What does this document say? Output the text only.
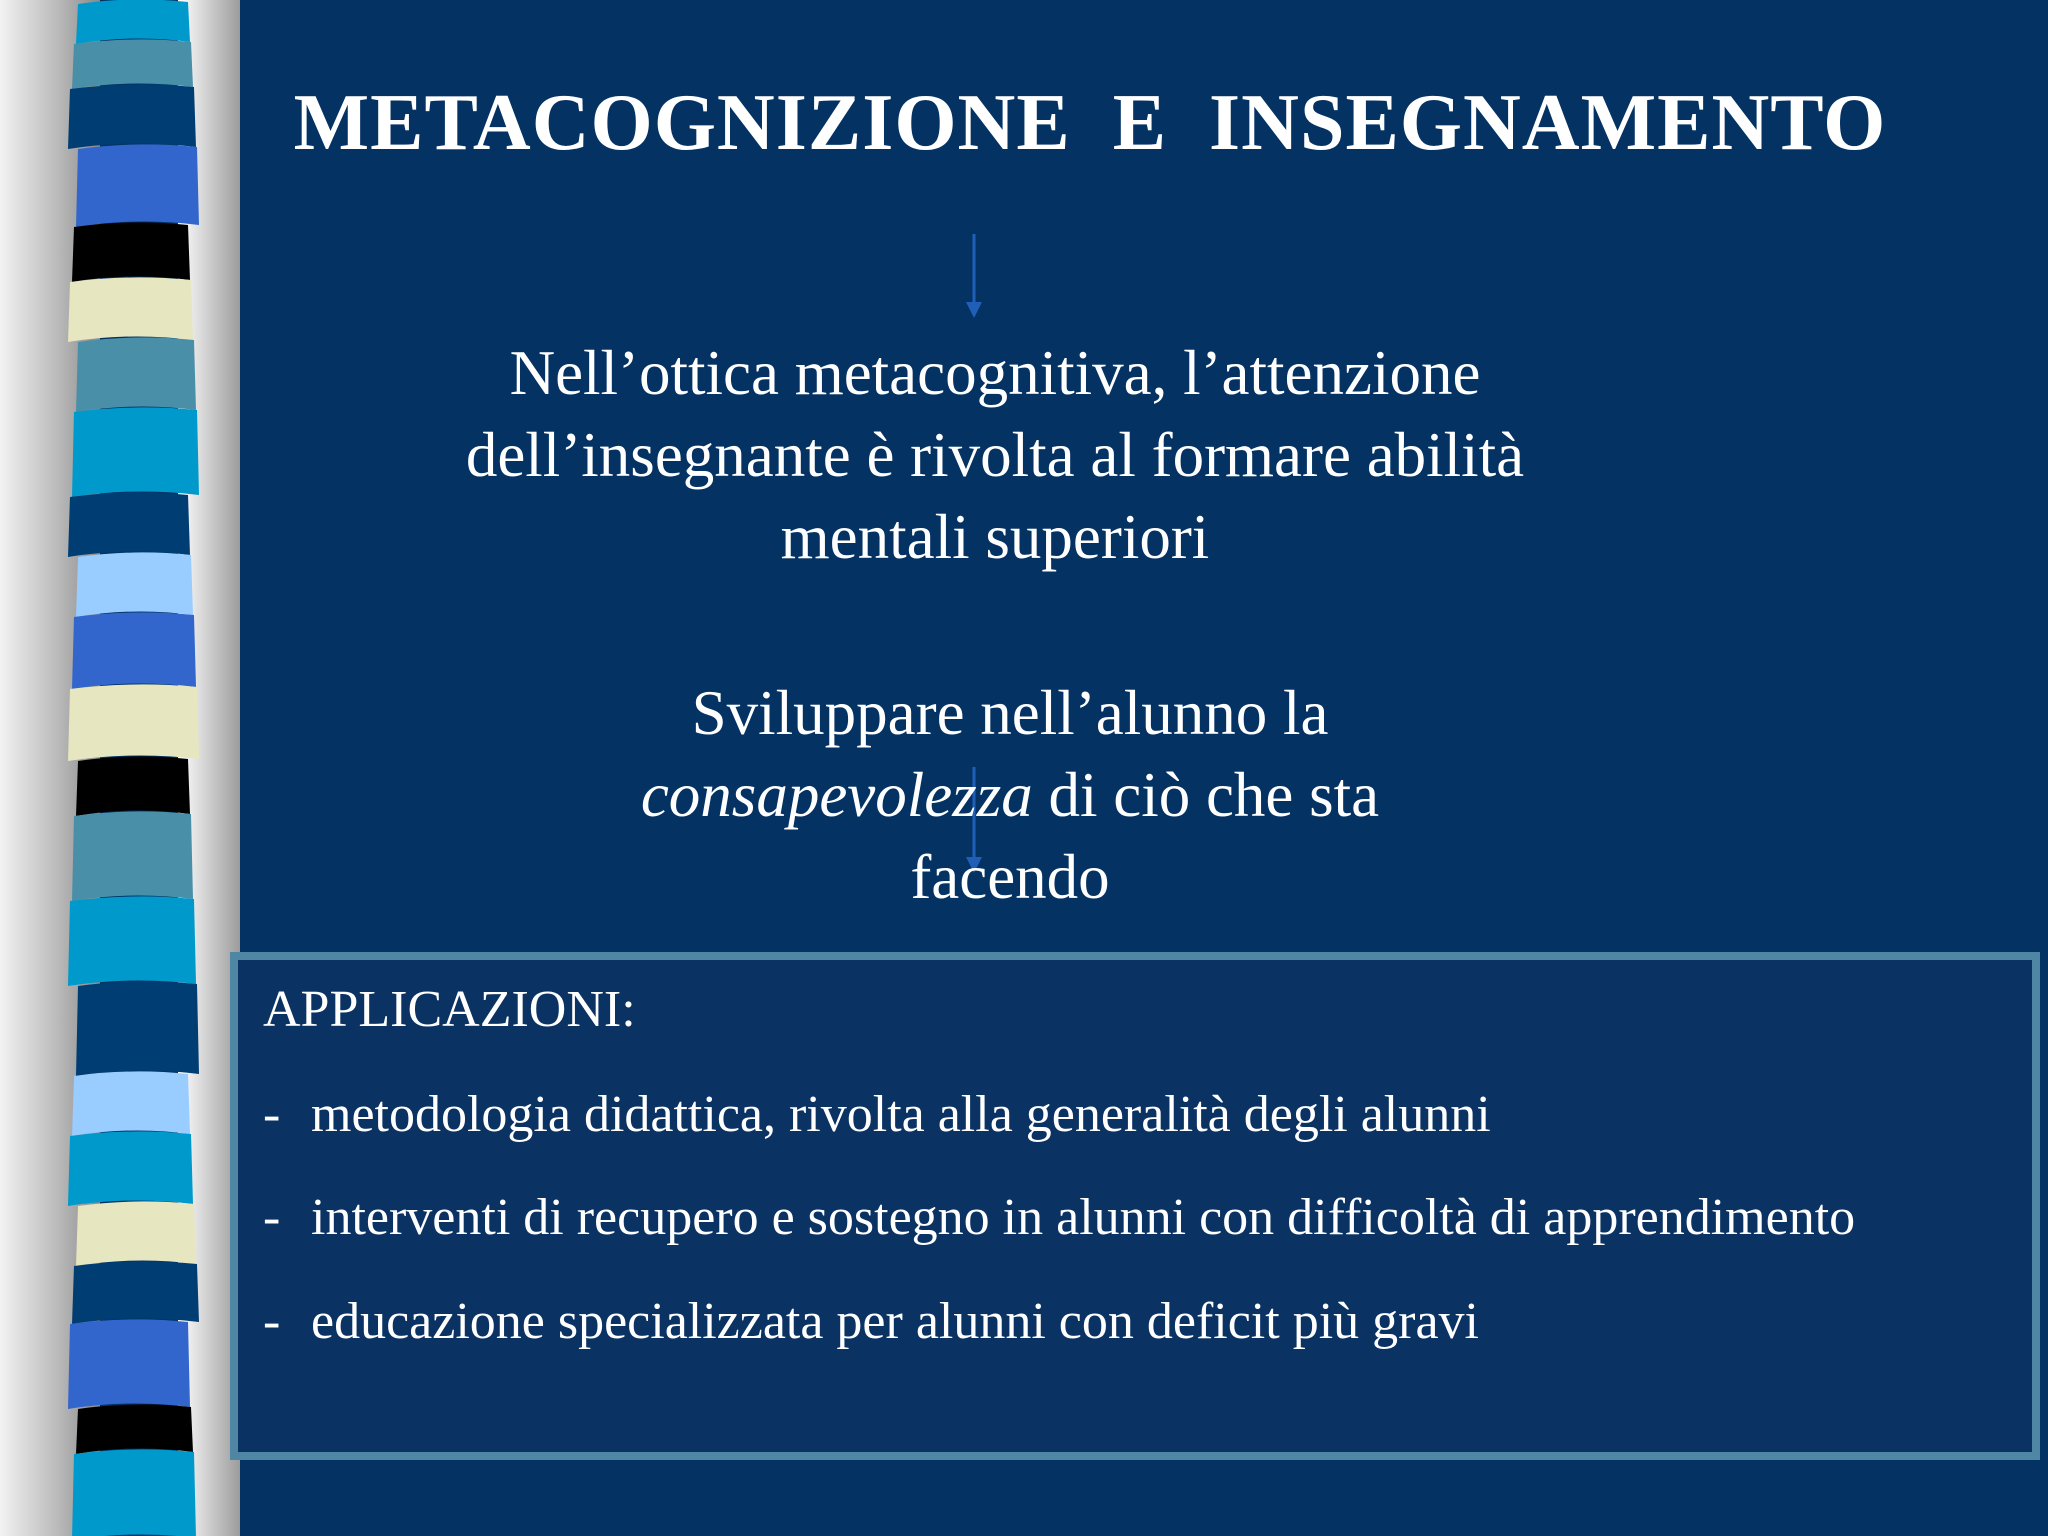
METACOGNIZIONE  E  INSEGNAMENTO
Nell’ottica metacognitiva, l’attenzione
dell’insegnante è rivolta al formare abilità
mentali superiori
Sviluppare nell’alunno la
consapevolezza di ciò che sta
facendo
APPLICAZIONI:
- metodologia didattica, rivolta alla generalità degli alunni
- interventi di recupero e sostegno in alunni con difficoltà di apprendimento
- educazione specializzata per alunni con deficit più gravi
